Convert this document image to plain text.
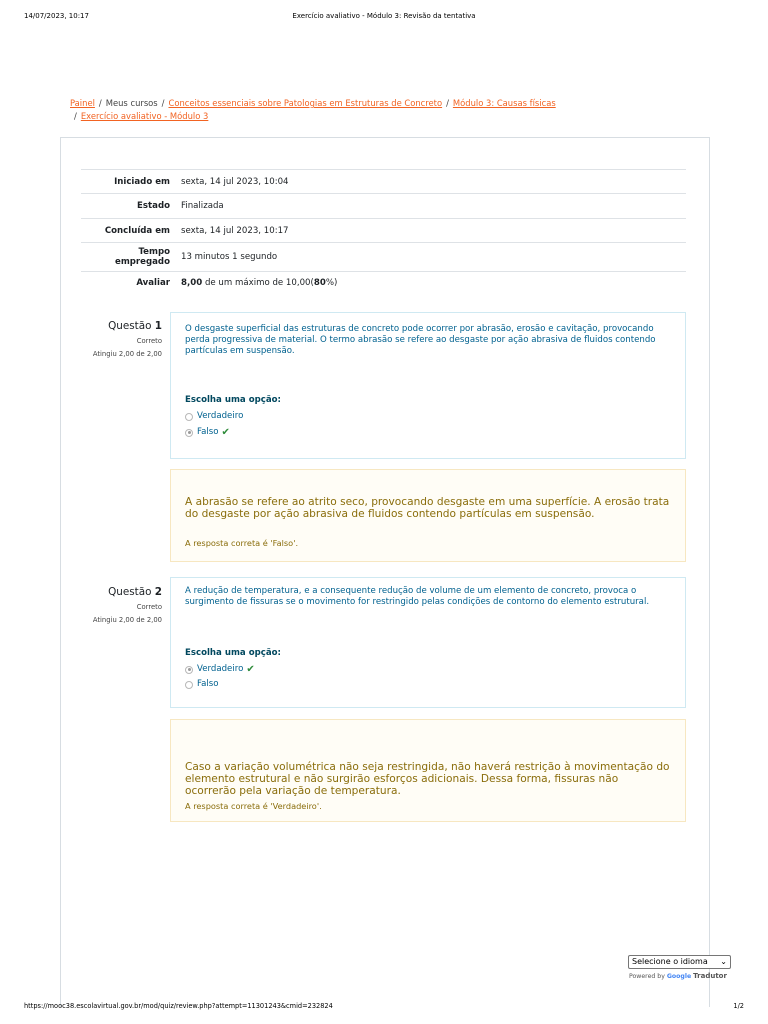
14/07/2023, 10:17	Exercício avaliativo - Módulo 3: Revisão da tentativa
Painel / Meus cursos / Conceitos essenciais sobre Patologias em Estruturas de Concreto / Módulo 3: Causas físicas
/ Exercício avaliativo - Módulo 3
Iniciado em	sexta, 14 jul 2023, 10:04
Estado	Finalizada
Concluída em	sexta, 14 jul 2023, 10:17
Tempo empregado	13 minutos 1 segundo
Avaliar	8,00 de um máximo de 10,00(80%)
Questão 1
Correto
Atingiu 2,00 de 2,00
O desgaste superficial das estruturas de concreto pode ocorrer por abrasão, erosão e cavitação, provocando perda progressiva de material. O termo abrasão se refere ao desgaste por ação abrasiva de fluidos contendo partículas em suspensão.
Escolha uma opção:
Verdadeiro
Falso ✔
A abrasão se refere ao atrito seco, provocando desgaste em uma superfície. A erosão trata do desgaste por ação abrasiva de fluidos contendo partículas em suspensão.
A resposta correta é 'Falso'.
Questão 2
Correto
Atingiu 2,00 de 2,00
A redução de temperatura, e a consequente redução de volume de um elemento de concreto, provoca o surgimento de fissuras se o movimento for restringido pelas condições de contorno do elemento estrutural.
Escolha uma opção:
Verdadeiro ✔
Falso
Caso a variação volumétrica não seja restringida, não haverá restrição à movimentação do elemento estrutural e não surgirão esforços adicionais. Dessa forma, fissuras não ocorrerão pela variação de temperatura.
A resposta correta é 'Verdadeiro'.
Selecione o idioma ⌄
Powered by Google Tradutor
https://mooc38.escolavirtual.gov.br/mod/quiz/review.php?attempt=11301243&cmid=232824	1/2
